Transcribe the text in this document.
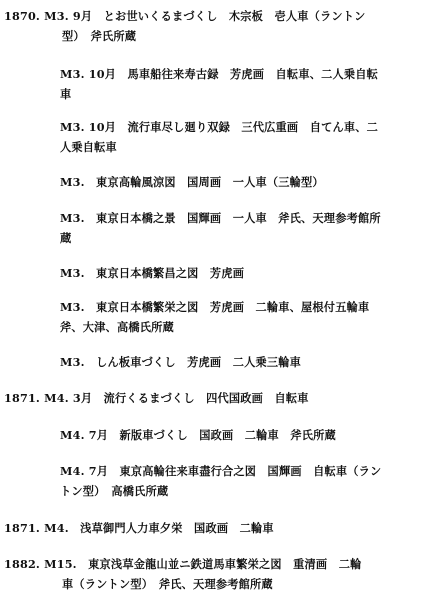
1870. M3. 9月　とお世いくるまづくし　木宗板　壱人車（ラントン
型）　斧氏所蔵
M3. 10月　馬車船往来寿古録　芳虎画　自転車、二人乗自転
車
M3. 10月　流行車尽し廻り双録　三代広重画　自てん車、二
人乗自転車
M3.　東京高輪風涼図　国周画　一人車（三輪型）
M3.　東京日本橋之景　国輝画　一人車　斧氏、天理参考館所
蔵
M3.　東京日本橋繁昌之図　芳虎画
M3.　東京日本橋繁栄之図　芳虎画　二輪車、屋根付五輪車
斧、大津、高橋氏所蔵
M3.　しん板車づくし　芳虎画　二人乗三輪車
1871. M4. 3月　流行くるまづくし　四代国政画　自転車
M4. 7月　新版車づくし　国政画　二輪車　斧氏所蔵
M4. 7月　東京高輪往来車盡行合之図　国輝画　自転車（ラン
トン型）　高橋氏所蔵
1871. M4.　浅草御門人力車夕栄　国政画　二輪車
1882. M15.　東京浅草金龍山並ニ鉄道馬車繁栄之図　重清画　二輪
車（ラントン型）　斧氏、天理参考館所蔵
